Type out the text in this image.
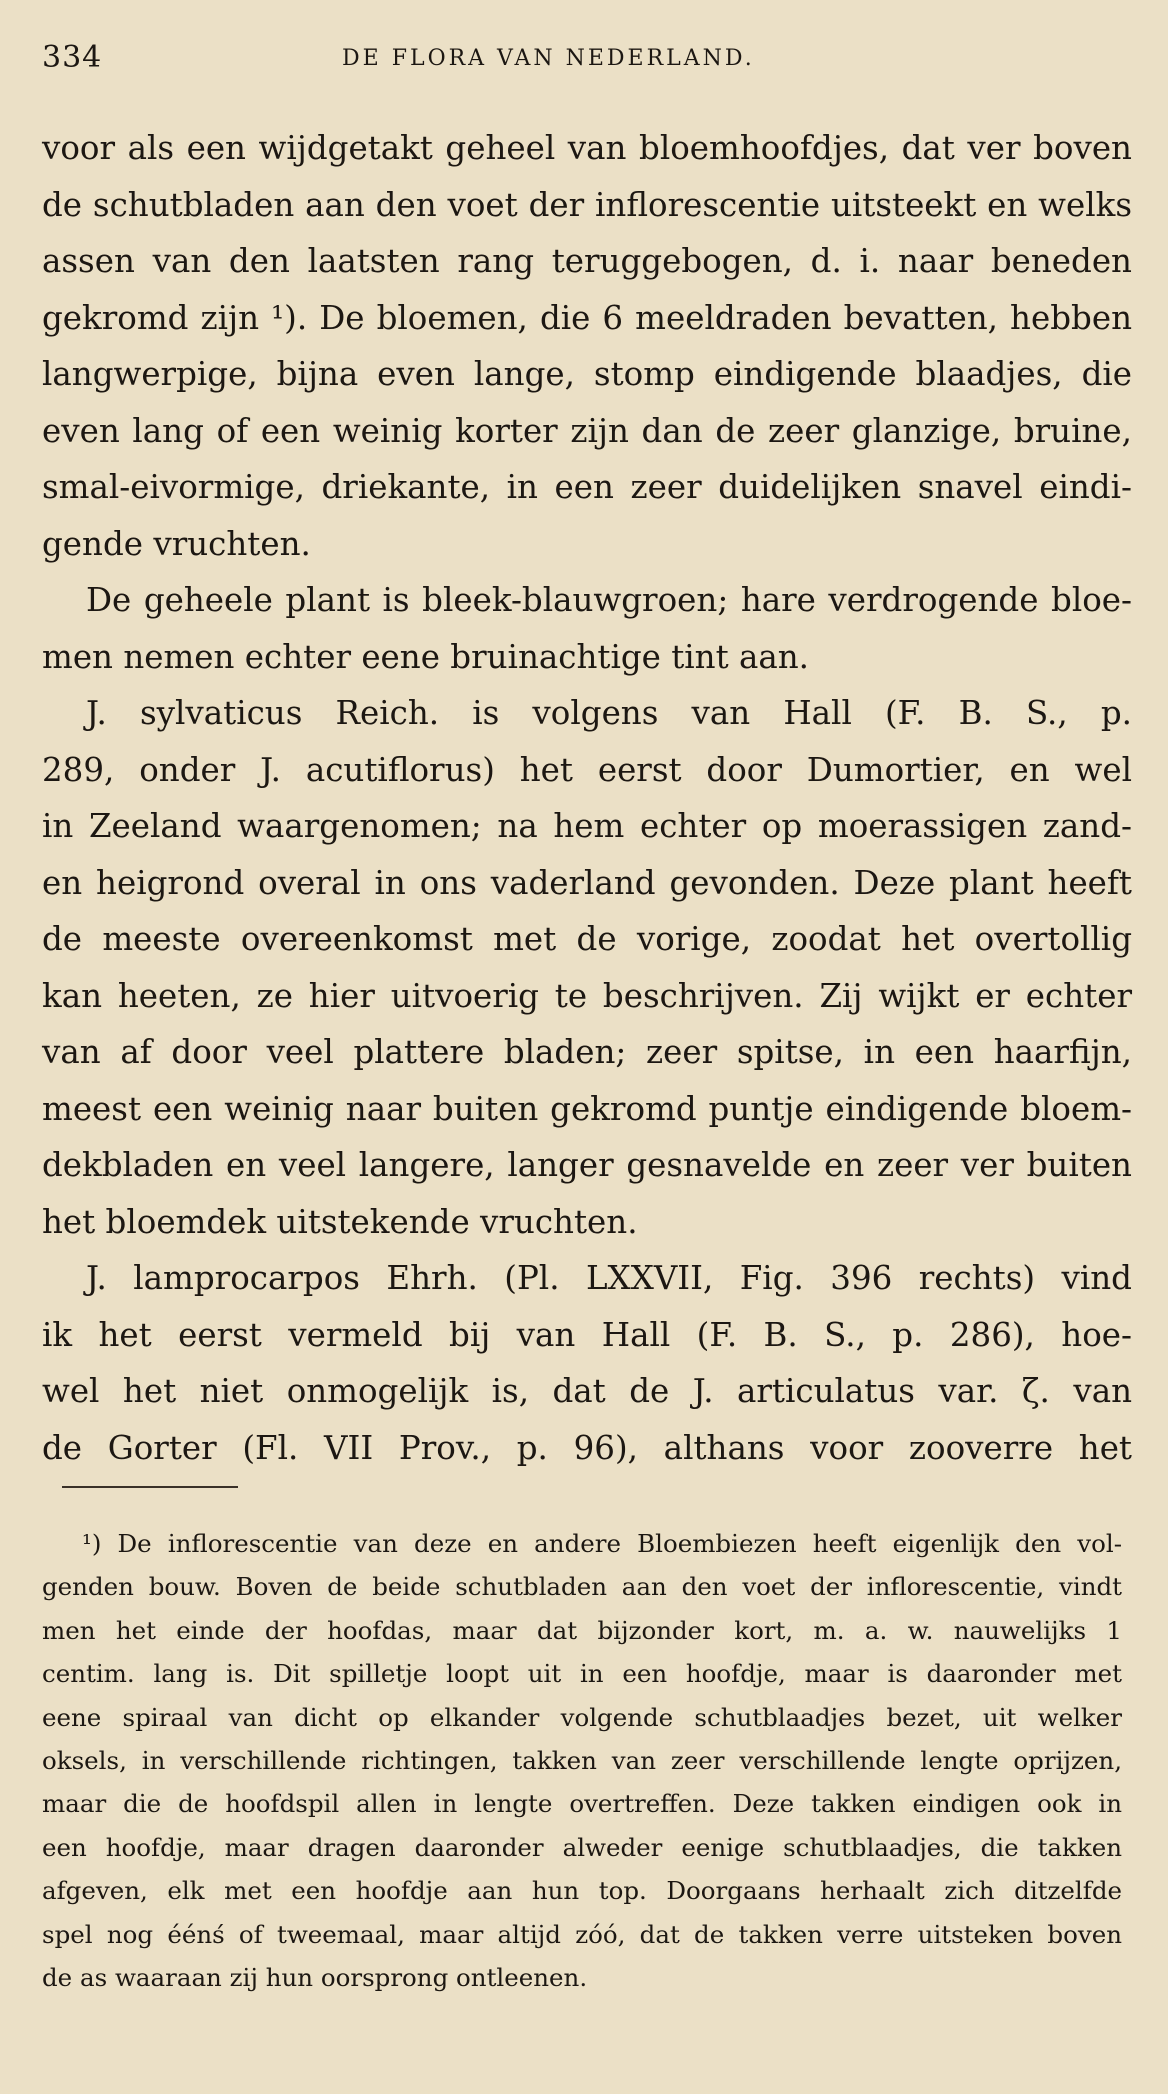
334	DE FLORA VAN NEDERLAND.
voor als een wijdgetakt geheel van bloemhoofdjes, dat ver boven
de schutbladen aan den voet der inflorescentie uitsteekt en welks
assen van den laatsten rang teruggebogen, d. i. naar beneden
gekromd zijn ¹). De bloemen, die 6 meeldraden bevatten, hebben
langwerpige, bijna even lange, stomp eindigende blaadjes, die
even lang of een weinig korter zijn dan de zeer glanzige, bruine,
smal-eivormige, driekante, in een zeer duidelijken snavel eindi-
gende vruchten.
De geheele plant is bleek-blauwgroen; hare verdrogende bloe-
men nemen echter eene bruinachtige tint aan.
J. sylvaticus Reich. is volgens van Hall (F. B. S., p.
289, onder J. acutiflorus) het eerst door Dumortier, en wel
in Zeeland waargenomen; na hem echter op moerassigen zand-
en heigrond overal in ons vaderland gevonden. Deze plant heeft
de meeste overeenkomst met de vorige, zoodat het overtollig
kan heeten, ze hier uitvoerig te beschrijven. Zij wijkt er echter
van af door veel plattere bladen; zeer spitse, in een haarfijn,
meest een weinig naar buiten gekromd puntje eindigende bloem-
dekbladen en veel langere, langer gesnavelde en zeer ver buiten
het bloemdek uitstekende vruchten.
J. lamprocarpos Ehrh. (Pl. LXXVII, Fig. 396 rechts) vind
ik het eerst vermeld bij van Hall (F. B. S., p. 286), hoe-
wel het niet onmogelijk is, dat de J. articulatus var. ζ. van
de Gorter (Fl. VII Prov., p. 96), althans voor zooverre het
¹) De inflorescentie van deze en andere Bloembiezen heeft eigenlijk den vol-
genden bouw. Boven de beide schutbladen aan den voet der inflorescentie, vindt
men het einde der hoofdas, maar dat bijzonder kort, m. a. w. nauwelijks 1
centim. lang is. Dit spilletje loopt uit in een hoofdje, maar is daaronder met
eene spiraal van dicht op elkander volgende schutblaadjes bezet, uit welker
oksels, in verschillende richtingen, takken van zeer verschillende lengte oprijzen,
maar die de hoofdspil allen in lengte overtreffen. Deze takken eindigen ook in
een hoofdje, maar dragen daaronder alweder eenige schutblaadjes, die takken
afgeven, elk met een hoofdje aan hun top. Doorgaans herhaalt zich ditzelfde
spel nog éénś of tweemaal, maar altijd zóó, dat de takken verre uitsteken boven
de as waaraan zij hun oorsprong ontleenen.
